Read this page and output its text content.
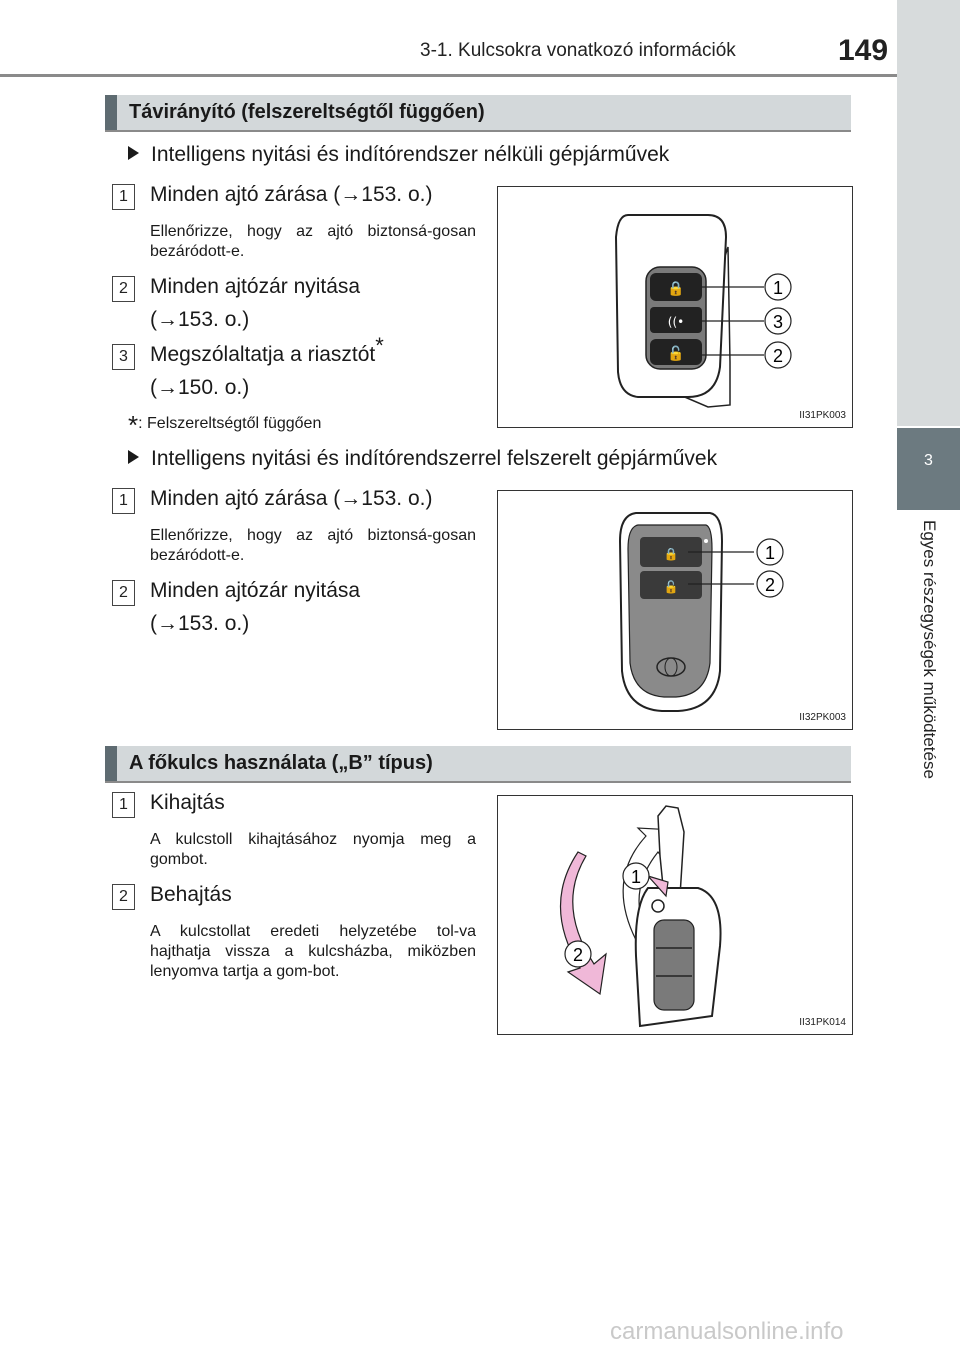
3-1. Kulcsokra vonatkozó információk	149
3
Egyes részegységek működtetése
Távirányító (felszereltségtől függően)
Intelligens nyitási és indítórendszer nélküli gépjárművek
1	Minden ajtó zárása (→153. o.)
Ellenőrizze, hogy az ajtó biztonsá-gosan bezáródott-e.
2	Minden ajtózár nyitása
(→153. o.)
3	Megszólaltatja a riasztót*
(→150. o.)
*: Felszereltségtől függően
🔒
((•
🔓
1
3
2
II31PK003
Intelligens nyitási és indítórendszerrel felszerelt gépjárművek
1	Minden ajtó zárása (→153. o.)
Ellenőrizze, hogy az ajtó biztonsá-gosan bezáródott-e.
2	Minden ajtózár nyitása
(→153. o.)
🔒
🔓
1
2
II32PK003
A főkulcs használata („B” típus)
1	Kihajtás
A kulcstoll kihajtásához nyomja meg a gombot.
2	Behajtás
A kulcstollat eredeti helyzetébe tol-va hajthatja vissza a kulcsházba, miközben lenyomva tartja a gom-bot.
1
2
II31PK014
carmanualsonline.info
